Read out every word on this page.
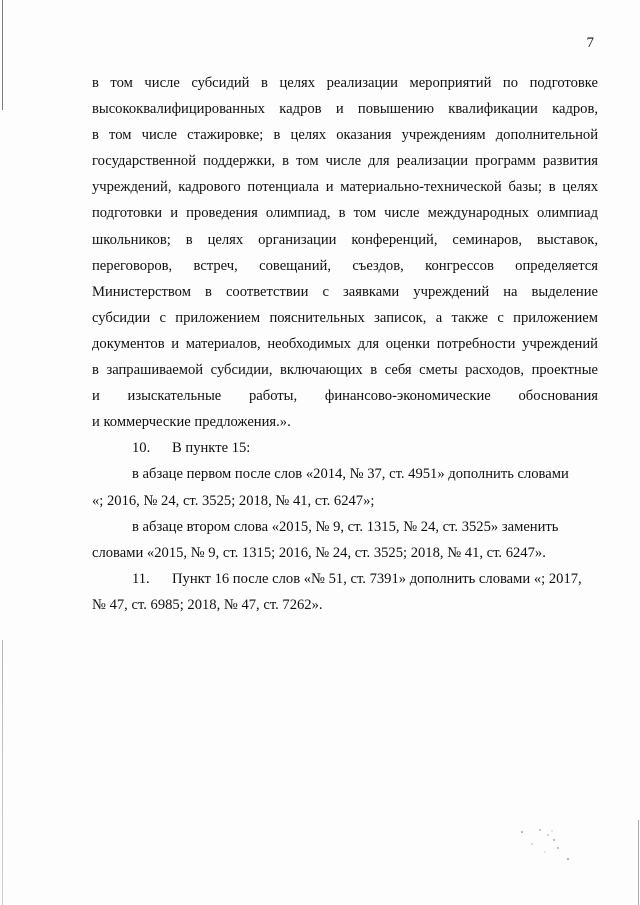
7
в том числе субсидий в целях реализации мероприятий по подготовке
высококвалифицированных кадров и повышению квалификации кадров,
в том числе стажировке; в целях оказания учреждениям дополнительной
государственной поддержки, в том числе для реализации программ развития
учреждений, кадрового потенциала и материально-технической базы; в целях
подготовки и проведения олимпиад, в том числе международных олимпиад
школьников; в целях организации конференций, семинаров, выставок,
переговоров, встреч, совещаний, съездов, конгрессов определяется
Министерством в соответствии с заявками учреждений на выделение
субсидии с приложением пояснительных записок, а также с приложением
документов и материалов, необходимых для оценки потребности учреждений
в запрашиваемой субсидии, включающих в себя сметы расходов, проектные
и изыскательные работы, финансово-экономические обоснования
и коммерческие предложения.».
10. В пункте 15:
в абзаце первом после слов «2014, № 37, ст. 4951» дополнить словами
«; 2016, № 24, ст. 3525; 2018, № 41, ст. 6247»;
в абзаце втором слова «2015, № 9, ст. 1315, № 24, ст. 3525» заменить
словами «2015, № 9, ст. 1315; 2016, № 24, ст. 3525; 2018, № 41, ст. 6247».
11. Пункт 16 после слов «№ 51, ст. 7391» дополнить словами «; 2017,
№ 47, ст. 6985; 2018, № 47, ст. 7262».
